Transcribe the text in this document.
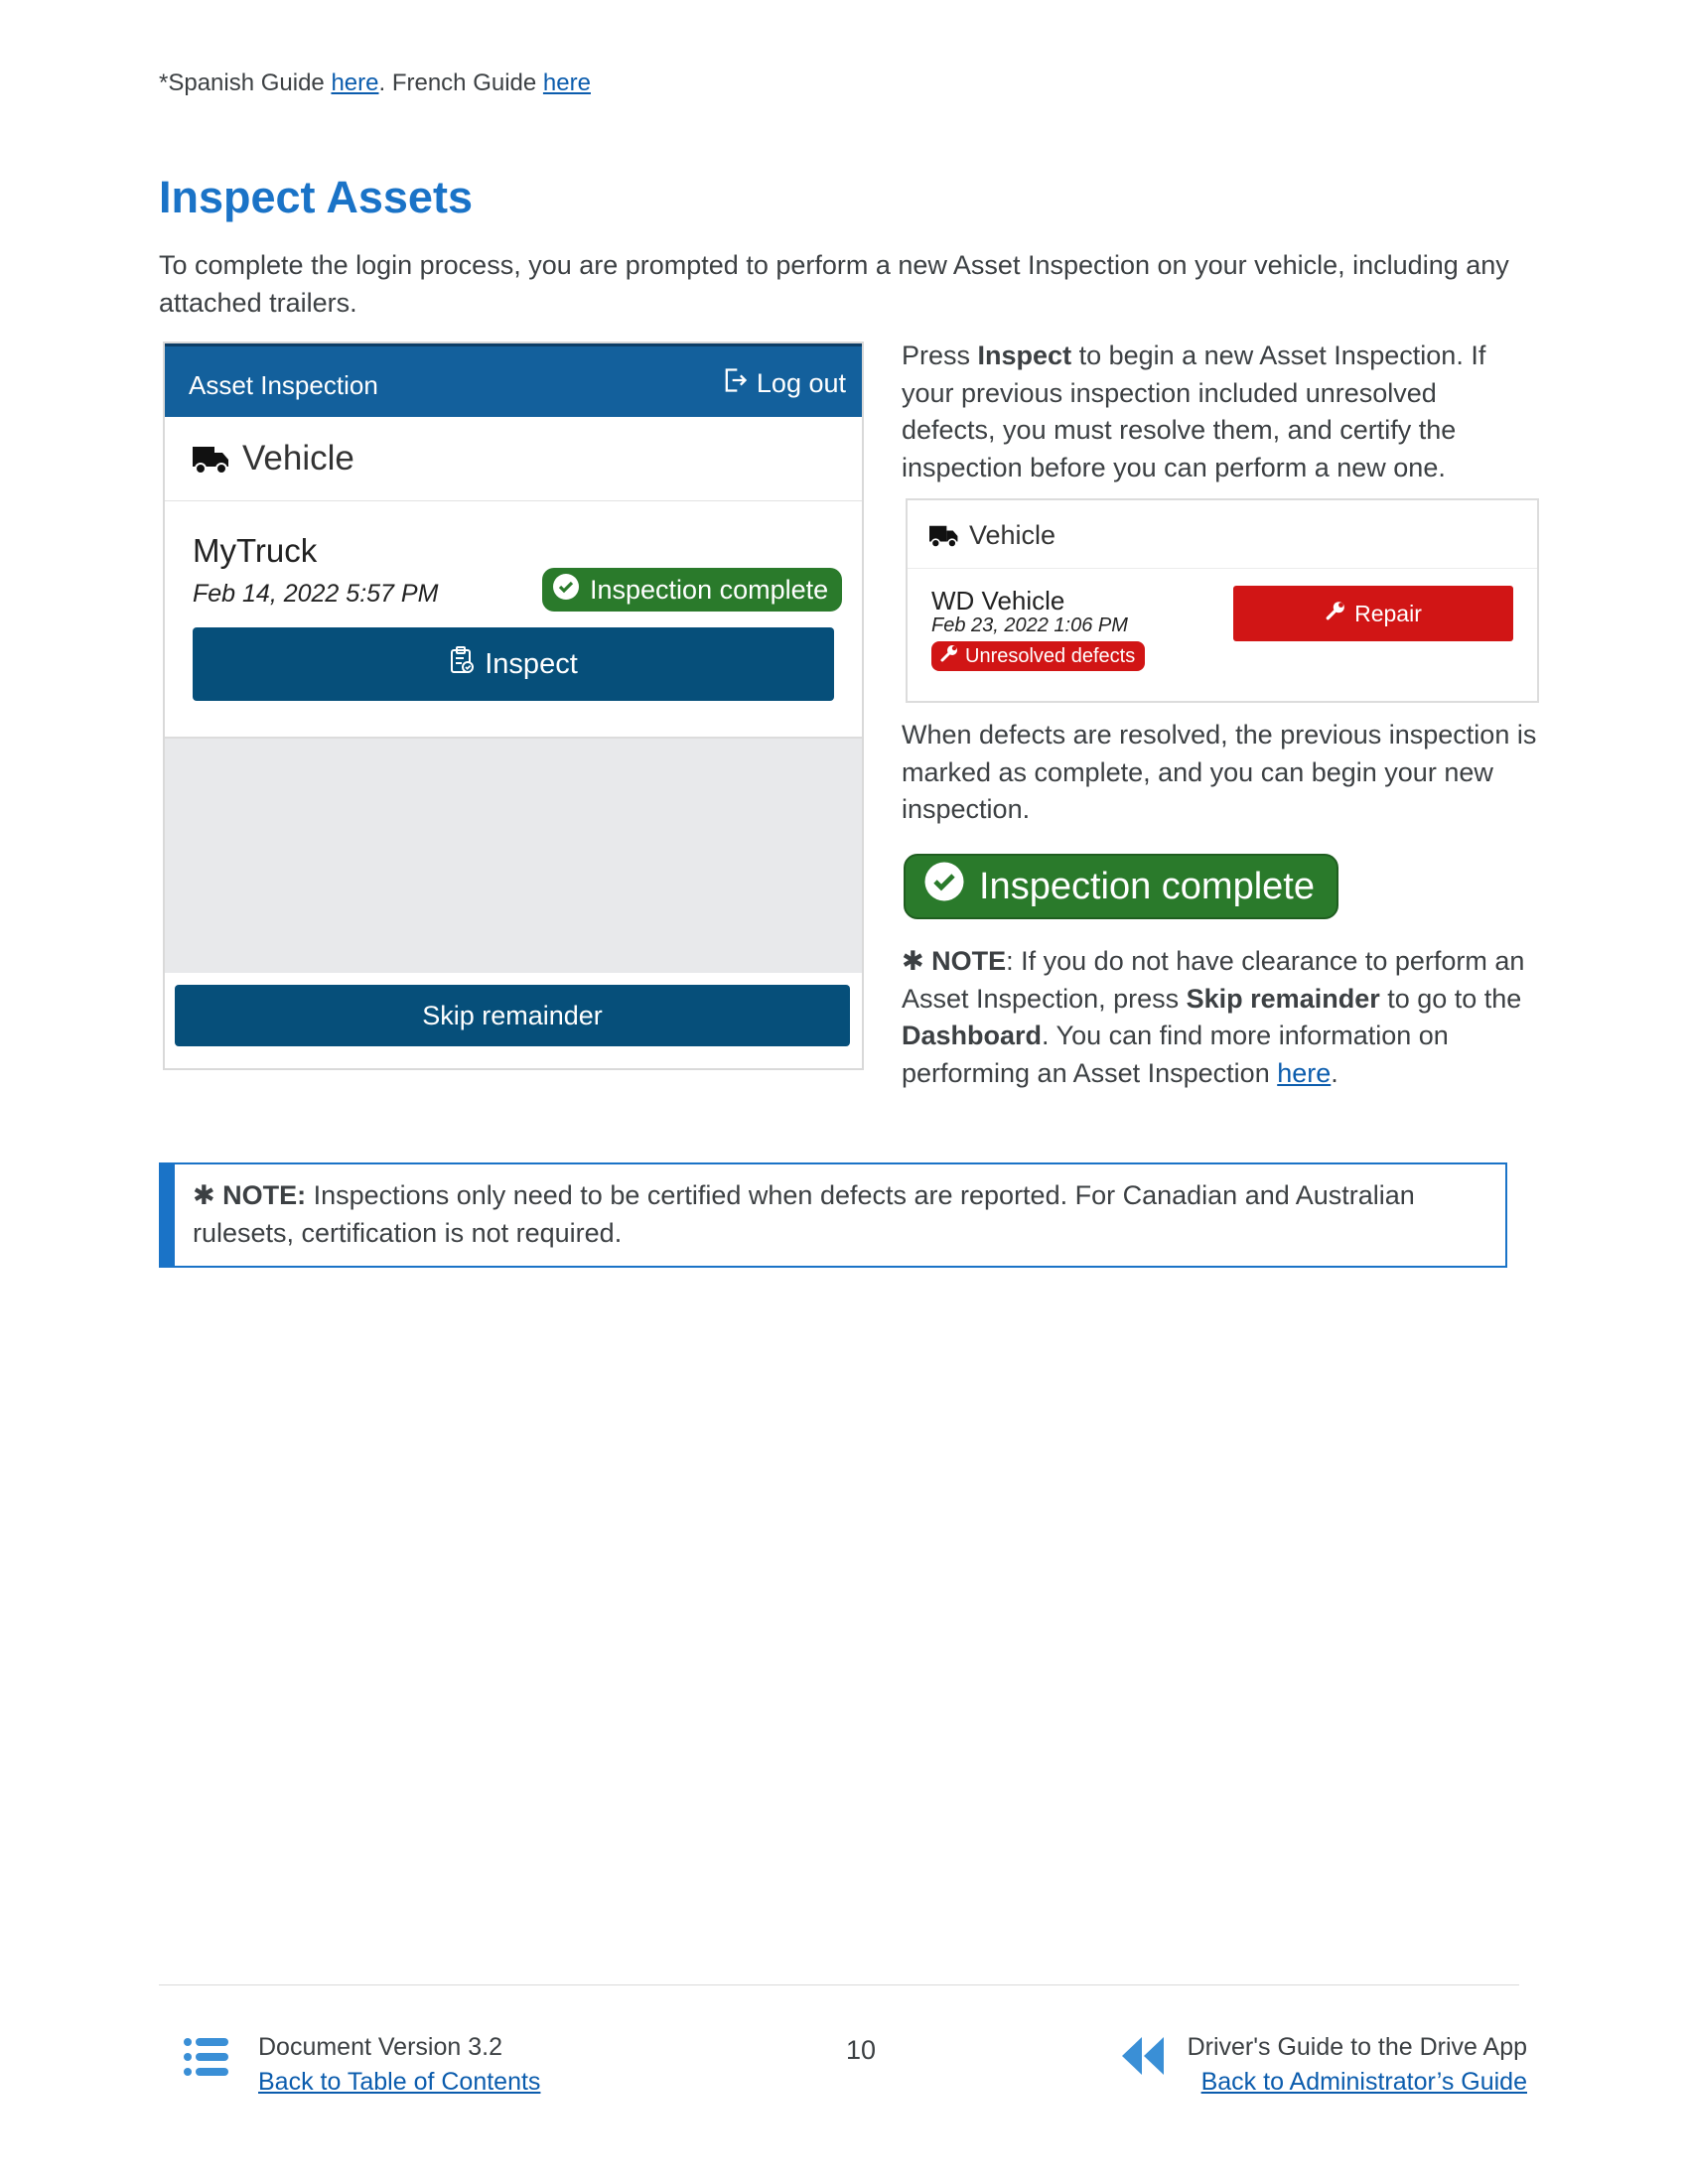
*Spanish Guide here. French Guide here
Inspect Assets
To complete the login process, you are prompted to perform a new Asset Inspection on your vehicle, including any attached trailers.
Asset Inspection	Log out
Vehicle
MyTruck
Feb 14, 2022 5:57 PM	Inspection complete
Inspect
Skip remainder
Press Inspect to begin a new Asset Inspection. If your previous inspection included unresolved defects, you must resolve them, and certify the inspection before you can perform a new one.
Vehicle
WD Vehicle
Feb 23, 2022 1:06 PM
Unresolved defects
Repair
When defects are resolved, the previous inspection is marked as complete, and you can begin your new inspection.
Inspection complete
✱ NOTE: If you do not have clearance to perform an Asset Inspection, press Skip remainder to go to the Dashboard. You can find more information on performing an Asset Inspection here.
✱ NOTE: Inspections only need to be certified when defects are reported. For Canadian and Australian rulesets, certification is not required.
Document Version 3.2
Back to Table of Contents
10	Driver's Guide to the Drive App
Back to Administrator’s Guide
